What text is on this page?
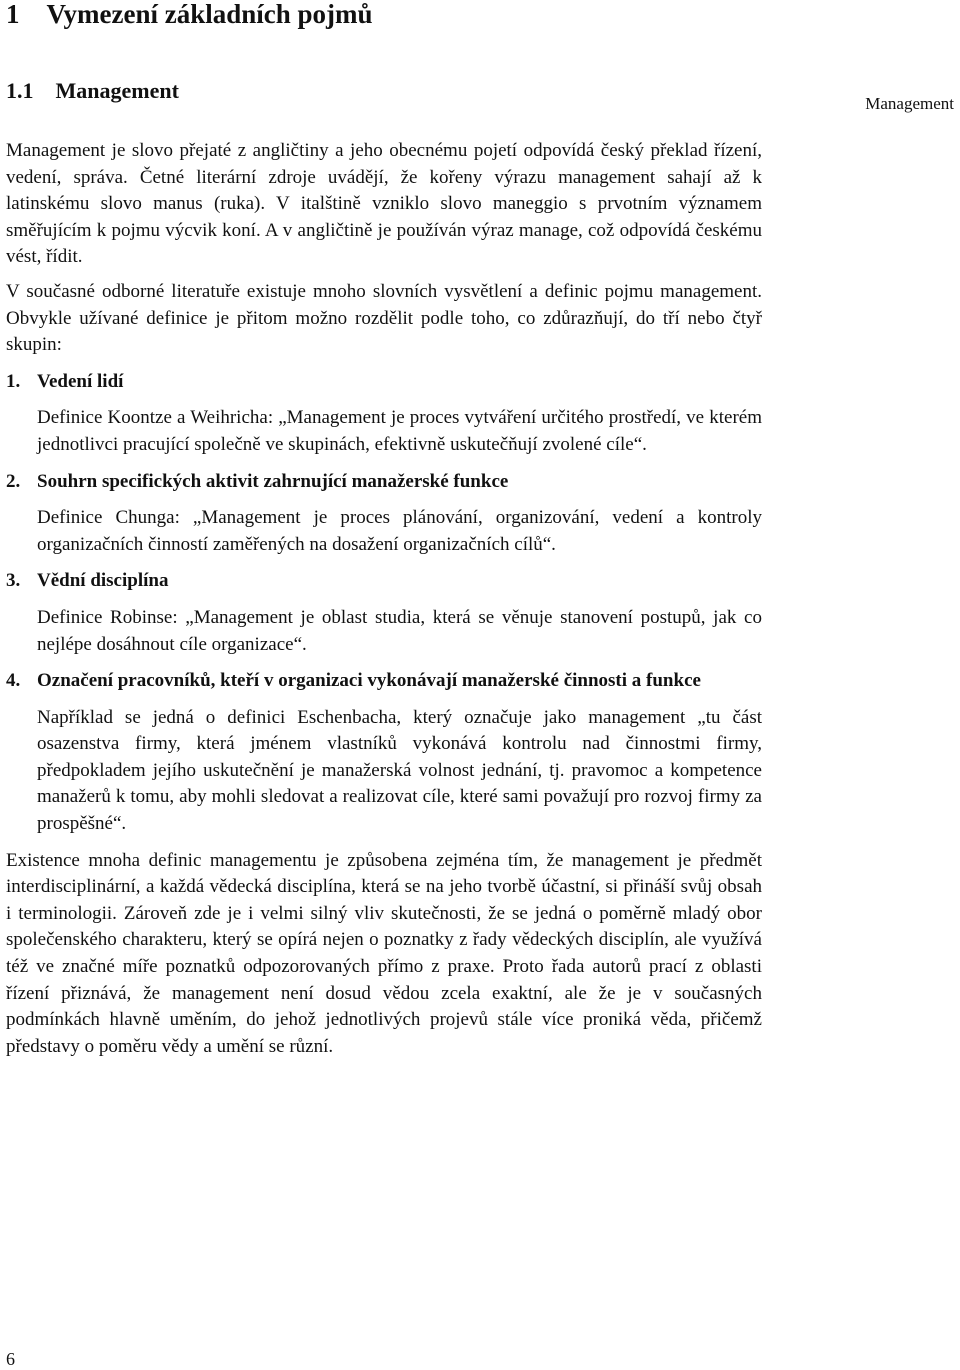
1 Vymezení základních pojmů
1.1 Management
Management

Management je slovo přejaté z angličtiny a jeho obecnému pojetí odpovídá český překlad řízení, vedení, správa. Četné literární zdroje uvádějí, že kořeny výrazu management sahají až k latinskému slovo manus (ruka). V italštině vzniklo slovo maneggio s prvotním významem směřujícím k pojmu výcvik koní. A v angličtině je používán výraz manage, což odpovídá českému vést, řídit.

V současné odborné literatuře existuje mnoho slovních vysvětlení a definic pojmu management. Obvykle užívané definice je přitom možno rozdělit podle toho, co zdůrazňují, do tří nebo čtyř skupin:

1. Vedení lidí

Definice Koontze a Weihricha: „Management je proces vytváření určitého prostředí, ve kterém jednotlivci pracující společně ve skupinách, efektivně uskutečňují zvolené cíle“.

2. Souhrn specifických aktivit zahrnující manažerské funkce

Definice Chunga: „Management je proces plánování, organizování, vedení a kontroly organizačních činností zaměřených na dosažení organizačních cílů“.

3. Vědní disciplína

Definice Robinse: „Management je oblast studia, která se věnuje stanovení postupů, jak co nejlépe dosáhnout cíle organizace“.

4. Označení pracovníků, kteří v organizaci vykonávají manažerské činnosti a funkce

Například se jedná o definici Eschenbacha, který označuje jako management „tu část osazenstva firmy, která jménem vlastníků vykonává kontrolu nad činnostmi firmy, předpokladem jejího uskutečnění je manažerská volnost jednání, tj. pravomoc a kompetence manažerů k tomu, aby mohli sledovat a realizovat cíle, které sami považují pro rozvoj firmy za prospěšné“.

Existence mnoha definic managementu je způsobena zejména tím, že management je předmět interdisciplinární, a každá vědecká disciplína, která se na jeho tvorbě účastní, si přináší svůj obsah i terminologii. Zároveň zde je i velmi silný vliv skutečnosti, že se jedná o poměrně mladý obor společenského charakteru, který se opírá nejen o poznatky z řady vědeckých disciplín, ale využívá též ve značné míře poznatků odpozorovaných přímo z praxe. Proto řada autorů prací z oblasti řízení přiznává, že management není dosud vědou zcela exaktní, ale že je v současných podmínkách hlavně uměním, do jehož jednotlivých projevů stále více proniká věda, přičemž představy o poměru vědy a umění se různí.

6
